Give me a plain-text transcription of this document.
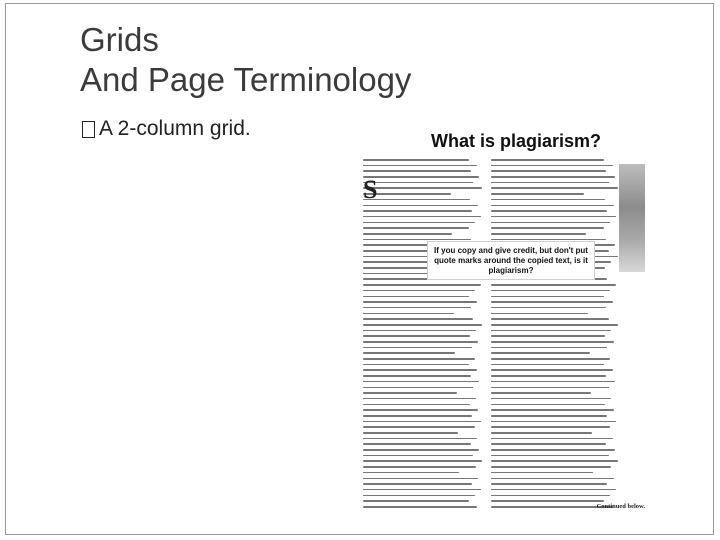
Grids
And Page Terminology
A 2-column grid.
What is plagiarism?
S
If you copy and give credit, but don't put quote marks around the copied text, is it plagiarism?
Continued below.
